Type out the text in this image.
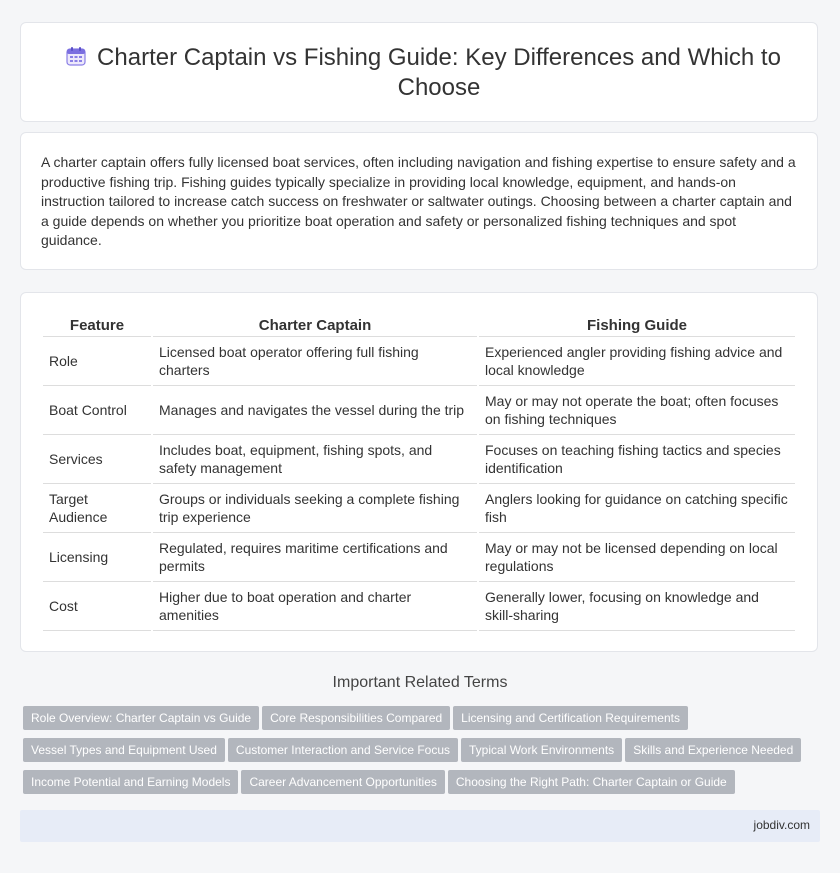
Charter Captain vs Fishing Guide: Key Differences and Which to Choose

A charter captain offers fully licensed boat services, often including navigation and fishing expertise to ensure safety and a productive fishing trip. Fishing guides typically specialize in providing local knowledge, equipment, and hands-on instruction tailored to increase catch success on freshwater or saltwater outings. Choosing between a charter captain and a guide depends on whether you prioritize boat operation and safety or personalized fishing techniques and spot guidance.

Feature	Charter Captain	Fishing Guide
Role	Licensed boat operator offering full fishing charters	Experienced angler providing fishing advice and local knowledge
Boat Control	Manages and navigates the vessel during the trip	May or may not operate the boat; often focuses on fishing techniques
Services	Includes boat, equipment, fishing spots, and safety management	Focuses on teaching fishing tactics and species identification
Target Audience	Groups or individuals seeking a complete fishing trip experience	Anglers looking for guidance on catching specific fish
Licensing	Regulated, requires maritime certifications and permits	May or may not be licensed depending on local regulations
Cost	Higher due to boat operation and charter amenities	Generally lower, focusing on knowledge and skill-sharing
Important Related Terms
Role Overview: Charter Captain vs Guide Core Responsibilities Compared Licensing and Certification Requirements
Vessel Types and Equipment Used Customer Interaction and Service Focus Typical Work Environments Skills and Experience Needed
Income Potential and Earning Models Career Advancement Opportunities Choosing the Right Path: Charter Captain or Guide
jobdiv.com
